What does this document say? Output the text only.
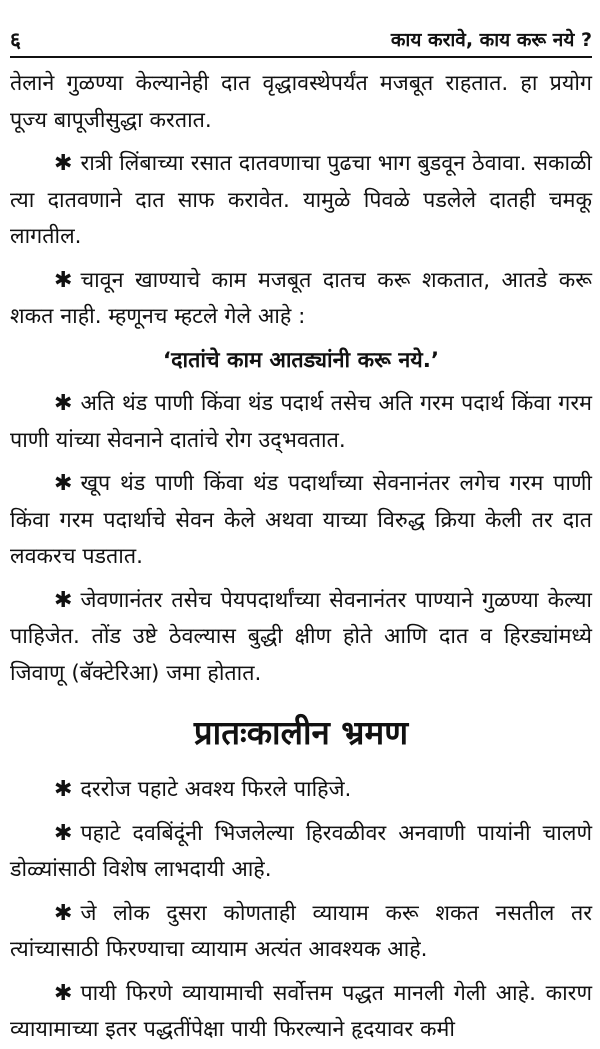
६	काय करावे, काय करू नये ?

तेलाने गुळण्या केल्यानेही दात वृद्धावस्थेपर्यंत मजबूत राहतात. हा प्रयोग पूज्य बापूजीसुद्धा करतात.

✱ रात्री लिंबाच्या रसात दातवणाचा पुढचा भाग बुडवून ठेवावा. सकाळी त्या दातवणाने दात साफ करावेत. यामुळे पिवळे पडलेले दातही चमकू लागतील.

✱ चावून खाण्याचे काम मजबूत दातच करू शकतात, आतडे करू शकत नाही. म्हणूनच म्हटले गेले आहे :

‘दातांचे काम आतड्यांनी करू नये.’

✱ अति थंड पाणी किंवा थंड पदार्थ तसेच अति गरम पदार्थ किंवा गरम पाणी यांच्या सेवनाने दातांचे रोग उद्‌भवतात.

✱ खूप थंड पाणी किंवा थंड पदार्थांच्या सेवनानंतर लगेच गरम पाणी किंवा गरम पदार्थाचे सेवन केले अथवा याच्या विरुद्ध क्रिया केली तर दात लवकरच पडतात.

✱ जेवणानंतर तसेच पेयपदार्थांच्या सेवनानंतर पाण्याने गुळण्या केल्या पाहिजेत. तोंड उष्टे ठेवल्यास बुद्धी क्षीण होते आणि दात व हिरड्यांमध्ये जिवाणू (बॅक्टेरिआ) जमा होतात.

प्रातःकालीन भ्रमण

✱ दररोज पहाटे अवश्य फिरले पाहिजे.

✱ पहाटे दवबिंदूंनी भिजलेल्या हिरवळीवर अनवाणी पायांनी चालणे डोळ्यांसाठी विशेष लाभदायी आहे.

✱ जे लोक दुसरा कोणताही व्यायाम करू शकत नसतील तर त्यांच्यासाठी फिरण्याचा व्यायाम अत्यंत आवश्यक आहे.

✱ पायी फिरणे व्यायामाची सर्वोत्तम पद्धत मानली गेली आहे. कारण व्यायामाच्या इतर पद्धतींपेक्षा पायी फिरल्याने हृदयावर कमी
